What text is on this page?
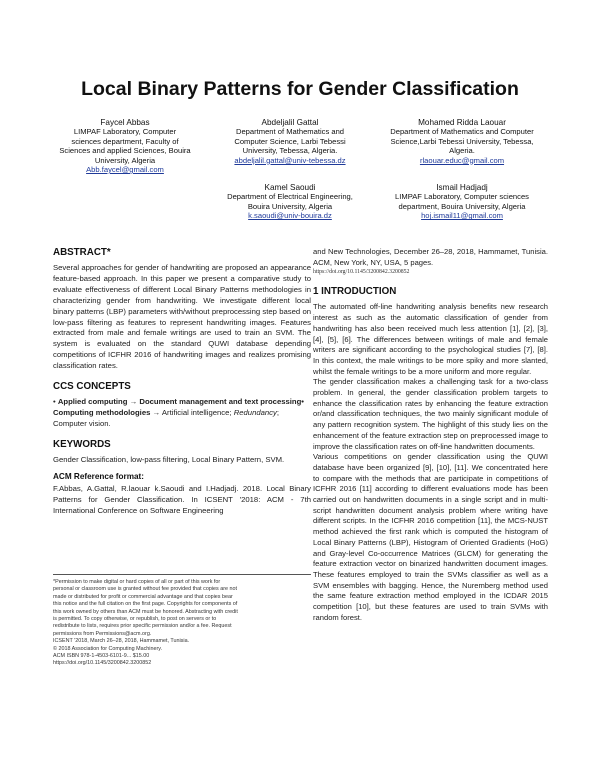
Local Binary Patterns for Gender Classification
Faycel Abbas
LIMPAF Laboratory, Computer
sciences department, Faculty of
Sciences and applied Sciences, Bouira
University, Algeria
Abb.faycel@gmail.com
Abdeljalil Gattal
Department of Mathematics and
Computer Science, Larbi Tebessi
University, Tebessa, Algeria.
abdeljalil.gattal@univ-tebessa.dz
Mohamed Ridda Laouar
Department of Mathematics and Computer
Science,Larbi Tebessi University, Tebessa,
Algeria.
rlaouar.educ@gmail.com
Kamel Saoudi
Department of Electrical Engineering,
Bouira University, Algeria
k.saoudi@univ-bouira.dz
Ismail Hadjadj
LIMPAF Laboratory, Computer sciences
department, Bouira University, Algeria
hoj.ismail11@gmail.com
ABSTRACT*

Several approaches for gender of handwriting are proposed an appearance feature-based approach. In this paper we present a comparative study to evaluate effectiveness of different Local Binary Patterns methodologies in characterizing gender from handwriting. We investigate different local binary patterns (LBP) parameters with/without preprocessing step based on low-pass filtering as features to represent handwriting images. Features extracted from male and female writings are used to train an SVM. The system is evaluated on the standard QUWI database depending competitions of ICFHR 2016 of handwriting images and realizes promising classification rates.

CCS CONCEPTS

• Applied computing → Document management and text processing• Computing methodologies → Artificial intelligence; Redundancy; Computer vision.

KEYWORDS

Gender Classification, low-pass filtering, Local Binary Pattern, SVM.

ACM Reference format:

F.Abbas, A.Gattal, R.laouar k.Saoudi and I.Hadjadj. 2018. Local Binary Patterns for Gender Classification. In ICSENT '2018: ACM - 7th International Conference on Software Engineering

*Permission to make digital or hard copies of all or part of this work for
personal or classroom use is granted without fee provided that copies are not
made or distributed for profit or commercial advantage and that copies bear
this notice and the full citation on the first page. Copyrights for components of
this work owned by others than ACM must be honored. Abstracting with credit
is permitted. To copy otherwise, or republish, to post on servers or to
redistribute to lists, requires prior specific permission and/or a fee. Request
permissions from Permissions@acm.org.
ICSENT '2018, March 26–28, 2018, Hammamet, Tunisia.
© 2018 Association for Computing Machinery.
ACM ISBN 978-1-4503-6101-9... $15.00
https://doi.org/10.1145/3200842.3200852

and New Technologies, December 26–28, 2018, Hammamet, Tunisia. ACM, New York, NY, USA, 5 pages.

https://doi.org/10.1145/3200842.3200852
1 INTRODUCTION

The automated off-line handwriting analysis benefits new research interest as such as the automatic classification of gender from handwriting has also been received much less attention [1], [2], [3], [4], [5], [6]. The differences between writings of male and female writers are significant according to the psychological studies [7], [8]. In this context, the male writings to be more spiky and more slanted, whilst the female writings to be a more uniform and more regular.

The gender classification makes a challenging task for a two-class problem. In general, the gender classification problem targets to enhance the classification rates by enhancing the feature extraction or/and classification techniques, the two mainly significant module of any pattern recognition system. The highlight of this study lies on the enhancement of the feature extraction step on preprocessed image to improve the classification rates on off-line handwritten documents.

Various competitions on gender classification using the QUWI database have been organized [9], [10], [11]. We concentrated here to compare with the methods that are participate in competitions of ICFHR 2016 [11] according to different evaluations mode has been carried out on handwritten documents in a single script and in multi-script handwritten document analysis problem where writing have different scripts. In the ICFHR 2016 competition [11], the MCS-NUST method achieved the first rank which is computed the histogram of Local Binary Patterns (LBP), Histogram of Oriented Gradients (HoG) and Gray-level Co-occurrence Matrices (GLCM) for generating the feature extraction vector on binarized handwritten document images. These features employed to train the SVMs classifier as well as a SVM ensembles with bagging. Hence, the Nuremberg method used the same feature extraction method employed in the ICDAR 2015 competition [10], but these features are used to train SVMs with random forest.
